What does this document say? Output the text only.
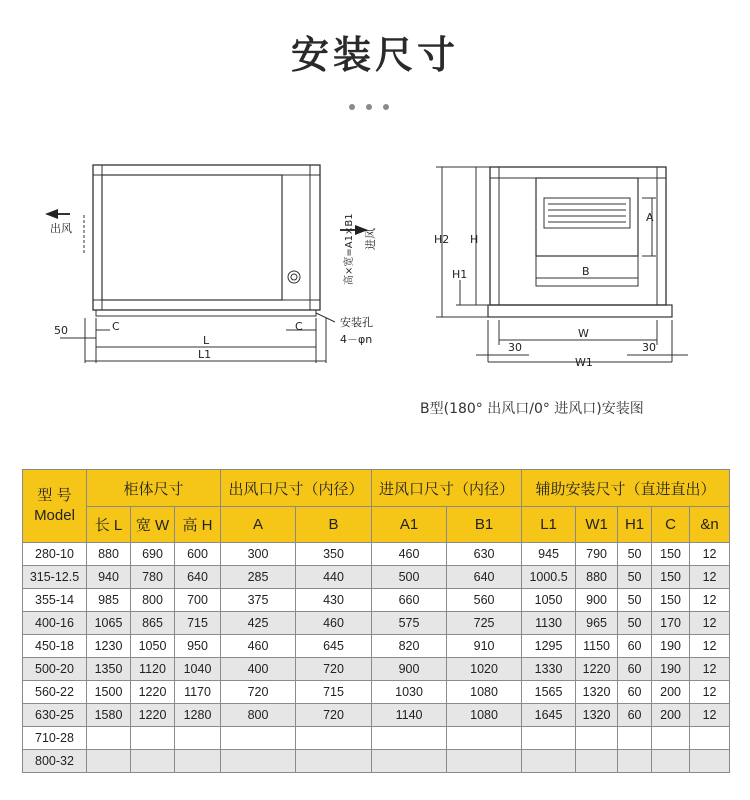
安装尺寸
出风	进风
高×宽=A1×B1
50	C	C
L
L1
安装孔
4－φn
A
B
H2 H
H1
W
30	30
W1
B型(180° 出风口/0° 进风口)安装图
型 号
Model	柜体尺寸			出风口尺寸（内径）		进风口尺寸（内径）		辅助安装尺寸（直进直出）				
	长 L	宽 W	高 H	A	B	A1	B1	L1	W1	H1	C	&n
280-10	880	690	600	300	350	460	630	945	790	50	150	12
315-12.5	940	780	640	285	440	500	640	1000.5	880	50	150	12
355-14	985	800	700	375	430	660	560	1050	900	50	150	12
400-16	1065	865	715	425	460	575	725	1130	965	50	170	12
450-18	1230	1050	950	460	645	820	910	1295	1150	60	190	12
500-20	1350	1120	1040	400	720	900	1020	1330	1220	60	190	12
560-22	1500	1220	1170	720	715	1030	1080	1565	1320	60	200	12
630-25	1580	1220	1280	800	720	1140	1080	1645	1320	60	200	12
710-28												
800-32												
